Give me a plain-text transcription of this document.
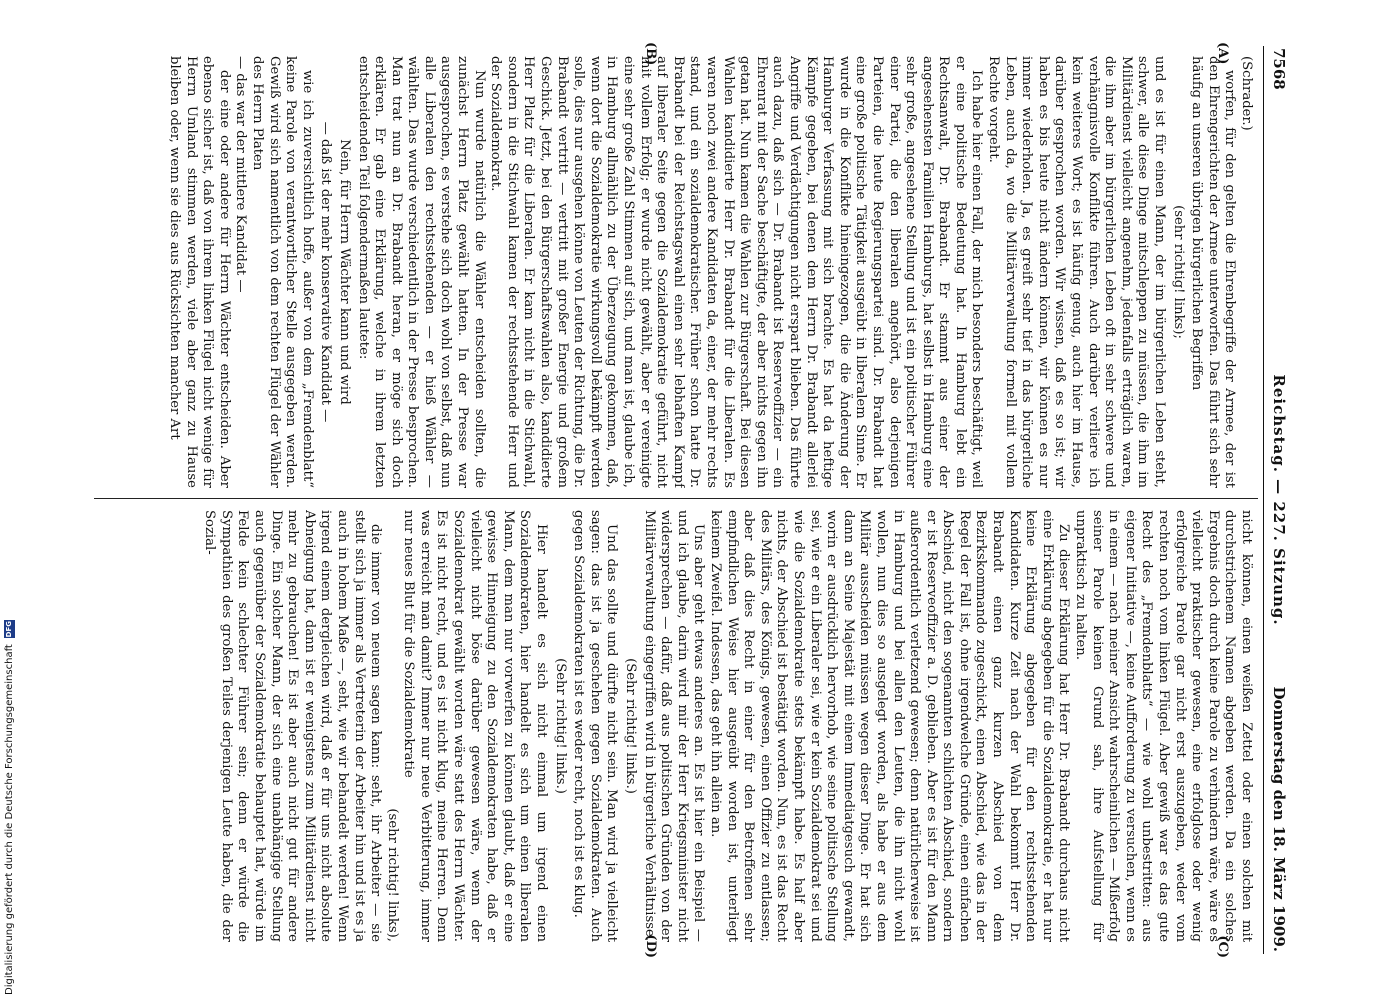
7568
Reichstag. — 227. Sitzung.
Donnerstag den 18. März 1909.
(A)
(B)
(C)
(D)

(Schrader.)

worfen, für den gelten die Ehrenbegriffe der Armee, der ist den Ehrengerichten der Armee unterworfen. Das führt sich sehr häufig an unseren übrigen bürgerlichen Begriffen

(sehr richtig! links);

und es ist für einen Mann, der im bürgerlichen Leben steht, schwer, alle diese Dinge mitschleppen zu müssen, die ihm im Militärdienst vielleicht angenehm, jedenfalls erträglich waren, die ihm aber im bürgerlichen Leben oft in sehr schwere und verhängnisvolle Konflikte führen. Auch darüber verliere ich kein weiteres Wort; es ist häufig genug, auch hier im Hause, darüber gesprochen worden. Wir wissen, daß es so ist; wir haben es bis heute nicht ändern können, wir können es nur immer wiederholen. Ja, es greift sehr tief in das bürgerliche Leben, auch da, wo die Militärverwaltung formell mit vollem Rechte vorgeht.

Ich habe hier einen Fall, der mich besonders beschäftigt, weil er eine politische Bedeutung hat. In Hamburg lebt ein Rechtsanwalt, Dr. Brabandt. Er stammt aus einer der angesehensten Familien Hamburgs, hat selbst in Hamburg eine sehr große, angesehene Stellung und ist ein politischer Führer einer Partei, die den liberalen angehört, also derjenigen Parteien, die heute Regierungspartei sind. Dr. Brabandt hat eine große politische Tätigkeit ausgeübt in liberalem Sinne. Er wurde in die Konflikte hineingezogen, die die Änderung der Hamburger Verfassung mit sich brachte. Es hat da heftige Kämpfe gegeben, bei denen dem Herrn Dr. Brabandt allerlei Angriffe und Verdächtigungen nicht erspart blieben. Das führte auch dazu, daß sich — Dr. Brabandt ist Reserveoffizier — ein Ehrenrat mit der Sache beschäftigte, der aber nichts gegen ihn getan hat. Nun kamen die Wahlen zur Bürgerschaft. Bei diesen Wahlen kandidierte Herr Dr. Brabandt für die Liberalen. Es waren noch zwei andere Kandidaten da, einer, der mehr rechts stand, und ein sozialdemokratischer. Früher schon hatte Dr. Brabandt bei der Reichstagswahl einen sehr lebhaften Kampf auf liberaler Seite gegen die Sozialdemokratie geführt, nicht mit vollem Erfolg; er wurde nicht gewählt, aber er vereinigte eine sehr große Zahl Stimmen auf sich, und man ist, glaube ich, in Hamburg allmählich zu der Überzeugung gekommen, daß, wenn dort die Sozialdemokratie wirkungsvoll bekämpft werden solle, dies nur ausgehen könne von Leuten der Richtung, die Dr. Brabandt vertritt — vertritt mit großer Energie und großem Geschick. Jetzt, bei den Bürgerschaftswahlen also, kandidierte Herr Platz für die Liberalen. Er kam nicht in die Stichwahl, sondern in die Stichwahl kamen der rechtsstehende Herr und der Sozialdemokrat.

Nun wurde natürlich die Wähler entscheiden sollten, die zunächst Herrn Platz gewählt hatten. In der Presse war ausgesprochen, es verstehe sich doch wohl von selbst, daß nun alle Liberalen den rechtsstehenden — er hieß Wähler — wählten. Das wurde verschiedentlich in der Presse besprochen. Man trat nun an Dr. Brabandt heran, er möge sich doch erklären. Er gab eine Erklärung, welche in ihrem letzten entscheidenden Teil folgendermaßen lautete:

Nein, für Herrn Wächter kann und wird

— daß ist der mehr konservative Kandidat —

wie ich zuversichtlich hoffe, außer von dem „Fremdenblatt“ keine Parole von verantwortlicher Stelle ausgegeben werden. Gewiß wird sich namentlich von dem rechten Flügel der Wähler des Herrn Platen

— das war der mittlere Kandidat —

der eine oder andere für Herrn Wächter entscheiden. Aber ebenso sicher ist, daß von ihrem linken Flügel nicht wenige für Herrn Umland stimmen werden, viele aber ganz zu Hause bleiben oder, wenn sie dies aus Rücksichten mancher Art

nicht können, einen weißen Zettel oder einen solchen mit durchstrichenem Namen abgeben werden. Da ein solches Ergebnis doch durch keine Parole zu verhindern wäre, wäre es vielleicht praktischer gewesen, eine erfolglose oder wenig erfolgreiche Parole gar nicht erst auszugeben, weder vom rechten noch vom linken Flügel. Aber gewiß war es das gute Recht des „Fremdenblatts“ — wie wohl unbestritten: aus eigener Initiative —, keine Aufforderung zu versuchen, wenn es in einem — nach meiner Ansicht wahrscheinlichen — Mißerfolg seiner Parole keinen Grund sah, ihre Aufstellung für unpraktisch zu halten.

Zu dieser Erklärung hat Herr Dr. Brabandt durchaus nicht eine Erklärung abgegeben für die Sozialdemokratie, er hat nur keine Erklärung abgegeben für den rechtsstehenden Kandidaten. Kurze Zeit nach der Wahl bekommt Herr Dr. Brabandt einen ganz kurzen Abschied von dem Bezirkskommando zugeschickt, einen Abschied, wie das in der Regel der Fall ist, ohne irgendwelche Gründe, einen einfachen Abschied, nicht den sogenannten schlichten Abschied, sondern er ist Reserveoffizier a. D. geblieben. Aber es ist für den Mann außerordentlich verletzend gewesen; denn natürlicherweise ist in Hamburg und bei allen den Leuten, die ihn nicht wohl wollen, nun dies so ausgelegt worden, als habe er aus dem Militär ausscheiden müssen wegen dieser Dinge. Er hat sich dann an Seine Majestät mit einem Immediatgesuch gewandt, worin er ausdrücklich hervorhob, wie seine politische Stellung sei, wie er ein Liberaler sei, wie er kein Sozialdemokrat sei und wie die Sozialdemokratie stets bekämpft habe. Es half aber nichts, der Abschied ist bestätigt worden. Nun, es ist das Recht des Militärs, des Königs, gewesen, einen Offizier zu entlassen; aber daß dies Recht in einer für den Betroffenen sehr empfindlichen Weise hier ausgeübt worden ist, unterliegt keinem Zweifel. Indessen, das geht ihn allein an.

Uns aber geht etwas anderes an. Es ist hier ein Beispiel — und ich glaube, darin wird mir der Herr Kriegsminister nicht widersprechen — dafür, daß aus politischen Gründen von der Militärverwaltung eingegriffen wird in bürgerliche Verhältnisse.

(Sehr richtig! links.)

Und das sollte und dürfte nicht sein. Man wird ja vielleicht sagen: das ist ja geschehen gegen Sozialdemokraten. Auch gegen Sozialdemokraten ist es weder recht, noch ist es klug.

(Sehr richtig! links.)

Hier handelt es sich nicht einmal um irgend einen Sozialdemokraten, hier handelt es sich um einen liberalen Mann, dem man nur vorwerfen zu können glaubt, daß er eine gewisse Hinneigung zu den Sozialdemokraten habe, daß er vielleicht nicht böse darüber gewesen wäre, wenn der Sozialdemokrat gewählt worden wäre statt des Herrn Wächter. Es ist nicht recht, und es ist nicht klug, meine Herren. Denn was erreicht man damit? Immer nur neue Verbitterung, immer nur neues Blut für die Sozialdemokratie

(sehr richtig! links),

die immer von neuem sagen kann: seht, ihr Arbeiter — sie stellt sich ja immer als Vertreterin der Arbeiter hin und ist es ja auch in hohem Maße —, seht, wie wir behandelt werden! Wenn irgend einem dergleichen wird, daß er für uns nicht absolute Abneigung hat, dann ist er wenigstens zum Militärdienst nicht mehr zu gebrauchen! Es ist aber auch nicht gut für andere Dinge. Ein solcher Mann, der sich eine unabhängige Stellung auch gegenüber der Sozialdemokratie behauptet hat, würde im Felde kein schlechter Führer sein; denn er würde die Sympathien des großen Teiles derjenigen Leute haben, die der Sozial-

Digitalisierung gefördert durch die Deutsche Forschungsgemeinschaft
DFG
